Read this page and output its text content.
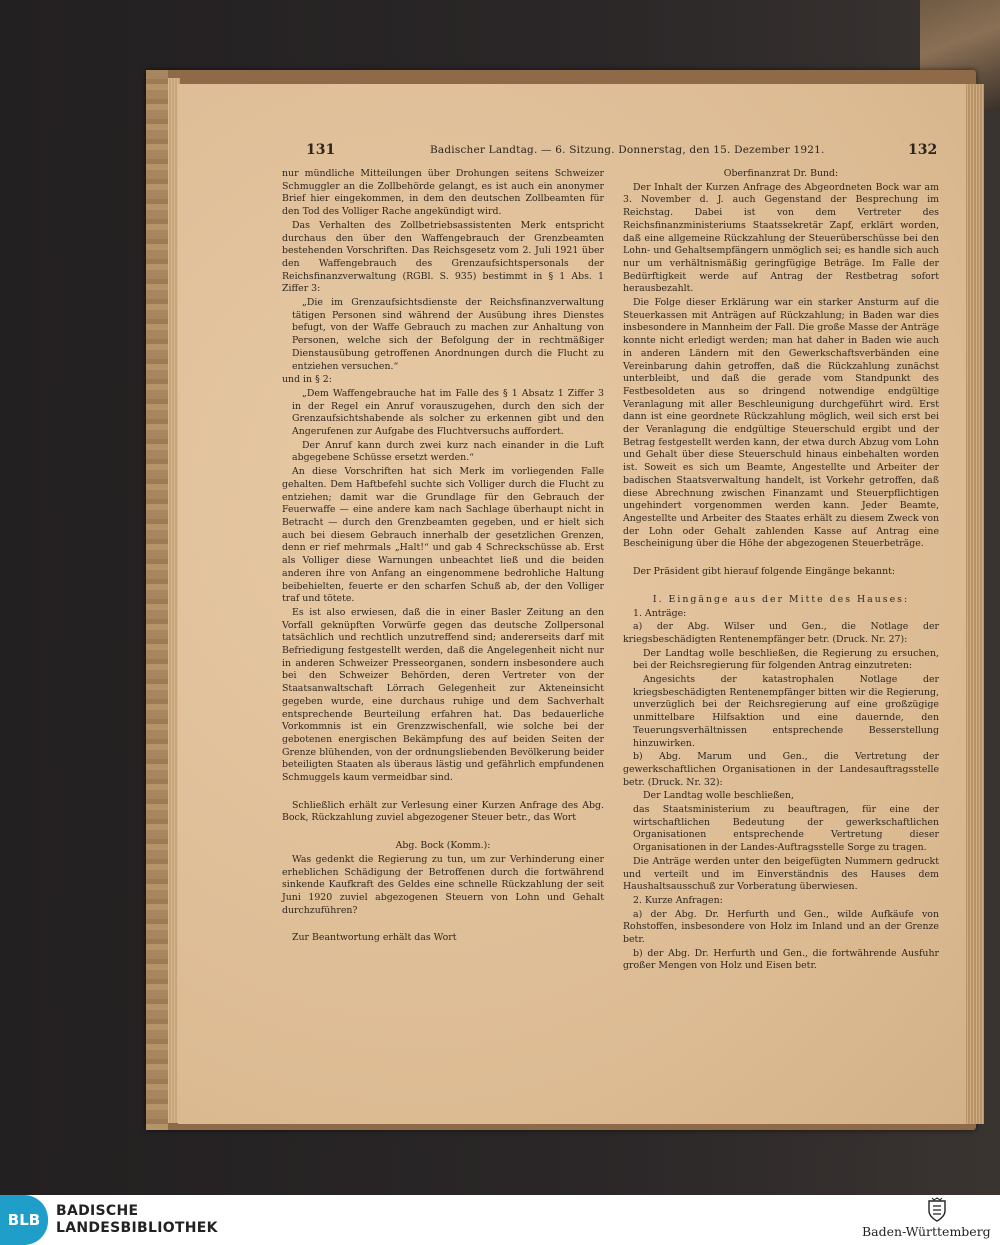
131	Badischer Landtag. — 6. Sitzung. Donnerstag, den 15. Dezember 1921.	132

nur mündliche Mitteilungen über Drohungen seitens Schweizer Schmuggler an die Zollbehörde gelangt, es ist auch ein anonymer Brief hier eingekommen, in dem den deutschen Zollbeamten für den Tod des Volliger Rache angekündigt wird.

Das Verhalten des Zollbetriebsassistenten Merk entspricht durchaus den über den Waffengebrauch der Grenzbeamten bestehenden Vorschriften. Das Reichsgesetz vom 2. Juli 1921 über den Waffengebrauch des Grenzaufsichtspersonals der Reichsfinanzverwaltung (RGBl. S. 935) bestimmt in § 1 Abs. 1 Ziffer 3:

„Die im Grenzaufsichtsdienste der Reichsfinanzverwaltung tätigen Personen sind während der Ausübung ihres Dienstes befugt, von der Waffe Gebrauch zu machen zur Anhaltung von Personen, welche sich der Befolgung der in rechtmäßiger Dienstausübung getroffenen Anordnungen durch die Flucht zu entziehen versuchen.“

und in § 2:

„Dem Waffengebrauche hat im Falle des § 1 Absatz 1 Ziffer 3 in der Regel ein Anruf vorauszugehen, durch den sich der Grenzaufsichtshabende als solcher zu erkennen gibt und den Angerufenen zur Aufgabe des Fluchtversuchs auffordert.

Der Anruf kann durch zwei kurz nach einander in die Luft abgegebene Schüsse ersetzt werden.“

An diese Vorschriften hat sich Merk im vorliegenden Falle gehalten. Dem Haftbefehl suchte sich Volliger durch die Flucht zu entziehen; damit war die Grundlage für den Gebrauch der Feuerwaffe — eine andere kam nach Sachlage überhaupt nicht in Betracht — durch den Grenzbeamten gegeben, und er hielt sich auch bei diesem Gebrauch innerhalb der gesetzlichen Grenzen, denn er rief mehrmals „Halt!“ und gab 4 Schreckschüsse ab. Erst als Volliger diese Warnungen unbeachtet ließ und die beiden anderen ihre von Anfang an eingenommene bedrohliche Haltung beibehielten, feuerte er den scharfen Schuß ab, der den Volliger traf und tötete.

Es ist also erwiesen, daß die in einer Basler Zeitung an den Vorfall geknüpften Vorwürfe gegen das deutsche Zollpersonal tatsächlich und rechtlich unzutreffend sind; andererseits darf mit Befriedigung festgestellt werden, daß die Angelegenheit nicht nur in anderen Schweizer Presseorganen, sondern insbesondere auch bei den Schweizer Behörden, deren Vertreter von der Staatsanwaltschaft Lörrach Gelegenheit zur Akteneinsicht gegeben wurde, eine durchaus ruhige und dem Sachverhalt entsprechende Beurteilung erfahren hat. Das bedauerliche Vorkommnis ist ein Grenzzwischenfall, wie solche bei der gebotenen energischen Bekämpfung des auf beiden Seiten der Grenze blühenden, von der ordnungsliebenden Bevölkerung beider beteiligten Staaten als überaus lästig und gefährlich empfundenen Schmuggels kaum vermeidbar sind.

Schließlich erhält zur Verlesung einer Kurzen Anfrage des Abg. Bock, Rückzahlung zuviel abgezogener Steuer betr., das Wort

Abg. Bock (Komm.):

Was gedenkt die Regierung zu tun, um zur Verhinderung einer erheblichen Schädigung der Betroffenen durch die fortwährend sinkende Kaufkraft des Geldes eine schnelle Rückzahlung der seit Juni 1920 zuviel abgezogenen Steuern von Lohn und Gehalt durchzuführen?

Zur Beantwortung erhält das Wort

Oberfinanzrat Dr. Bund:

Der Inhalt der Kurzen Anfrage des Abgeordneten Bock war am 3. November d. J. auch Gegenstand der Besprechung im Reichstag. Dabei ist von dem Vertreter des Reichsfinanzministeriums Staatssekretär Zapf, erklärt worden, daß eine allgemeine Rückzahlung der Steuerüberschüsse bei den Lohn- und Gehaltsempfängern unmöglich sei; es handle sich auch nur um verhältnismäßig geringfügige Beträge. Im Falle der Bedürftigkeit werde auf Antrag der Restbetrag sofort herausbezahlt.

Die Folge dieser Erklärung war ein starker Ansturm auf die Steuerkassen mit Anträgen auf Rückzahlung; in Baden war dies insbesondere in Mannheim der Fall. Die große Masse der Anträge konnte nicht erledigt werden; man hat daher in Baden wie auch in anderen Ländern mit den Gewerkschaftsverbänden eine Vereinbarung dahin getroffen, daß die Rückzahlung zunächst unterbleibt, und daß die gerade vom Standpunkt des Festbesoldeten aus so dringend notwendige endgültige Veranlagung mit aller Beschleunigung durchgeführt wird. Erst dann ist eine geordnete Rückzahlung möglich, weil sich erst bei der Veranlagung die endgültige Steuerschuld ergibt und der Betrag festgestellt werden kann, der etwa durch Abzug vom Lohn und Gehalt über diese Steuerschuld hinaus einbehalten worden ist. Soweit es sich um Beamte, Angestellte und Arbeiter der badischen Staatsverwaltung handelt, ist Vorkehr getroffen, daß diese Abrechnung zwischen Finanzamt und Steuerpflichtigen ungehindert vorgenommen werden kann. Jeder Beamte, Angestellte und Arbeiter des Staates erhält zu diesem Zweck von der Lohn oder Gehalt zahlenden Kasse auf Antrag eine Bescheinigung über die Höhe der abgezogenen Steuerbeträge.

Der Präsident gibt hierauf folgende Eingänge bekannt:

I. Eingänge aus der Mitte des Hauses:

1. Anträge:

a) der Abg. Wilser und Gen., die Notlage der kriegsbeschädigten Rentenempfänger betr. (Druck. Nr. 27):

Der Landtag wolle beschließen, die Regierung zu ersuchen, bei der Reichsregierung für folgenden Antrag einzutreten:

Angesichts der katastrophalen Notlage der kriegsbeschädigten Rentenempfänger bitten wir die Regierung, unverzüglich bei der Reichsregierung auf eine großzügige unmittelbare Hilfsaktion und eine dauernde, den Teuerungsverhältnissen entsprechende Besserstellung hinzuwirken.

b) Abg. Marum und Gen., die Vertretung der gewerkschaftlichen Organisationen in der Landesauftragsstelle betr. (Druck. Nr. 32):

Der Landtag wolle beschließen,

das Staatsministerium zu beauftragen, für eine der wirtschaftlichen Bedeutung der gewerkschaftlichen Organisationen entsprechende Vertretung dieser Organisationen in der Landes-Auftragsstelle Sorge zu tragen.

Die Anträge werden unter den beigefügten Nummern gedruckt und verteilt und im Einverständnis des Hauses dem Haushaltsausschuß zur Vorberatung überwiesen.

2. Kurze Anfragen:

a) der Abg. Dr. Herfurth und Gen., wilde Aufkäufe von Rohstoffen, insbesondere von Holz im Inland und an der Grenze betr.

b) der Abg. Dr. Herfurth und Gen., die fortwährende Ausfuhr großer Mengen von Holz und Eisen betr.

BLB	BADISCHE
LANDESBIBLIOTHEK	Baden-Württemberg
